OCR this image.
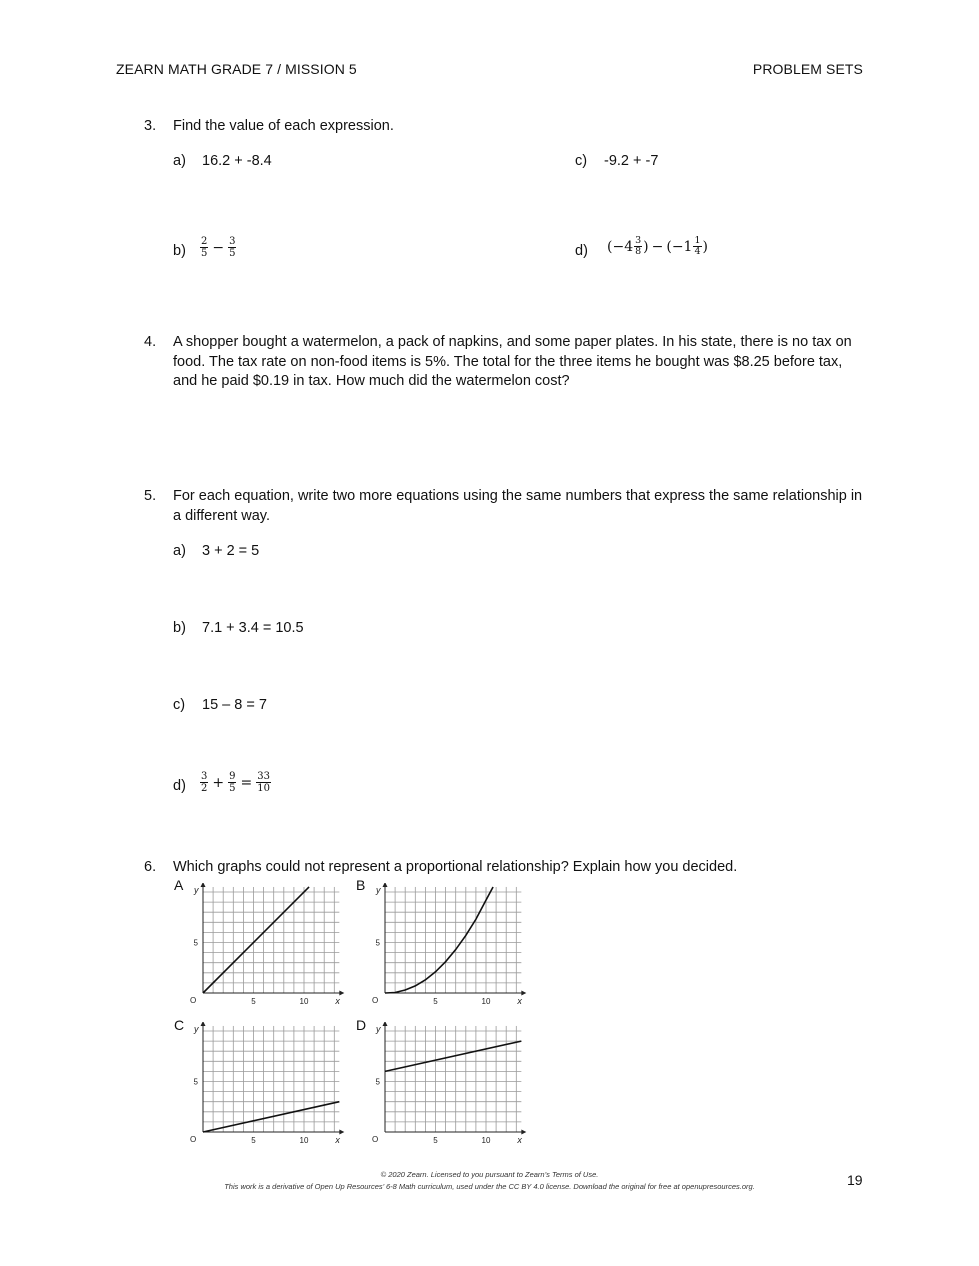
ZEARN MATH GRADE 7 / MISSION 5	PROBLEM SETS
3. Find the value of each expression.
a) 16.2 + -8.4	c) -9.2 + -7
$b) \frac{2}{5} - \frac{3}{5}$	d) (−4 3
8 ) − (−1 1
4 )
4. A shopper bought a watermelon, a pack of napkins, and some paper plates. In his state, there is no tax on food. The tax rate on non-food items is 5%. The total for the three items he bought was $8.25 before tax, and he paid $0.19 in tax. How much did the watermelon cost?
5. For each equation, write two more equations using the same numbers that express the same relationship in a different way.
a) 3 + 2 = 5
b) 7.1 + 3.4 = 10.5
c) 15 – 8 = 7
$d) \frac{3}{2} + \frac{9}{5} = \frac{33}{10}$
6. Which graphs could not represent a proportional relationship? Explain how you decided.
A	B
C	D
x
y
O	5	10
5
x
y
O	5	10
5
x
y
O	5	10
5
x
y
O	5	10
5
© 2020 Zearn. Licensed to you pursuant to Zearn’s Terms of Use.
This work is a derivative of Open Up Resources’ 6-8 Math curriculum, used under the CC BY 4.0 license. Download the original for free at openupresources.org.	19
